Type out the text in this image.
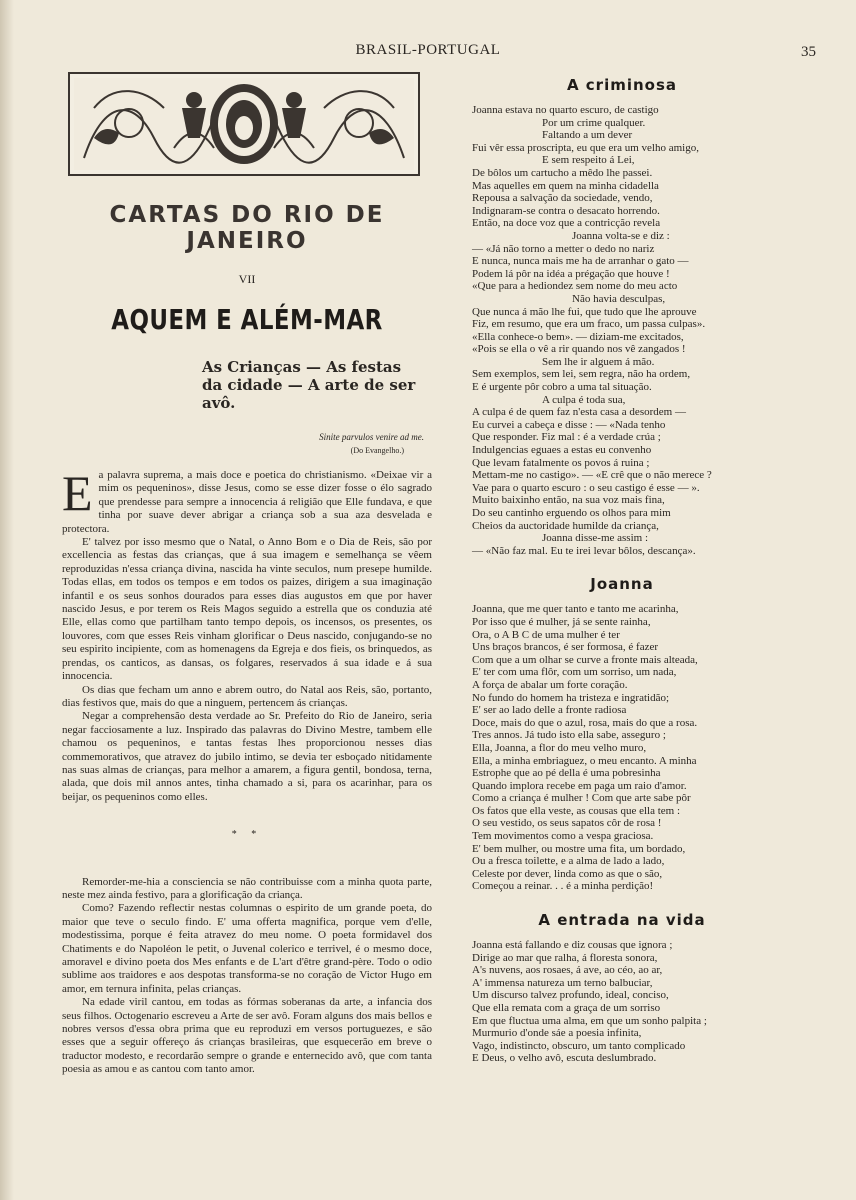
BRASIL-PORTUGAL	35
CARTAS DO RIO DE JANEIRO
VII
AQUEM E ALÉM-MAR
As Crianças — As festas da cidade — A arte de ser avô.
Sinite parvulos venire ad me.
(Do Evangelho.)
E a palavra suprema, a mais doce e poetica do christianismo. «Deixae vir a mim os pequeninos», disse Jesus, como se esse dizer fosse o élo sagrado que prendesse para sempre a innocencia á religião que Elle fundava, e que tinha por suave dever abrigar a criança sob a sua aza desvelada e protectora.

E' talvez por isso mesmo que o Natal, o Anno Bom e o Dia de Reis, são por excellencia as festas das crianças, que á sua imagem e semelhança se vêem reproduzidas n'essa criança divina, nascida ha vinte seculos, num presepe humilde. Todas ellas, em todos os tempos e em todos os paizes, dirigem a sua imaginação infantil e os seus sonhos dourados para esses dias augustos em que por haver nascido Jesus, e por terem os Reis Magos seguido a estrella que os conduzia até Elle, ellas como que partilham tanto tempo depois, os incensos, os presentes, os louvores, com que esses Reis vinham glorificar o Deus nascido, conjugando-se no seu espirito incipiente, com as homenagens da Egreja e dos fieis, os brinquedos, as prendas, os canticos, as dansas, os folgares, reservados á sua idade e á sua innocencia.

Os dias que fecham um anno e abrem outro, do Natal aos Reis, são, portanto, dias festivos que, mais do que a ninguem, pertencem ás crianças.

Negar a comprehensão desta verdade ao Sr. Prefeito do Rio de Janeiro, seria negar facciosamente a luz. Inspirado das palavras do Divino Mestre, tambem elle chamou os pequeninos, e tantas festas lhes proporcionou nesses dias commemorativos, que atravez do jubilo intimo, se devia ter esboçado nitidamente nas suas almas de crianças, para melhor a amarem, a figura gentil, bondosa, terna, alada, que dois mil annos antes, tinha chamado a si, para os acarinhar, para os beijar, os pequeninos como elles.

* *

Remorder-me-hia a consciencia se não contribuisse com a minha quota parte, neste mez ainda festivo, para a glorificação da criança.

Como? Fazendo reflectir nestas columnas o espirito de um grande poeta, do maior que teve o seculo findo. E' uma offerta magnifica, porque vem d'elle, modestissima, porque é feita atravez do meu nome. O poeta formidavel dos Chatiments e do Napoléon le petit, o Juvenal colerico e terrivel, é o mesmo doce, amoravel e divino poeta dos Mes enfants e de L'art d'être grand-père. Todo o odio sublime aos traidores e aos despotas transforma-se no coração de Victor Hugo em amor, em ternura infinita, pelas crianças.

Na edade viril cantou, em todas as fórmas soberanas da arte, a infancia dos seus filhos. Octogenario escreveu a Arte de ser avô. Foram alguns dos mais bellos e nobres versos d'essa obra prima que eu reproduzi em versos portuguezes, e são esses que a seguir offereço ás crianças brasileiras, que esquecerão em breve o traductor modesto, e recordarão sempre o grande e enternecido avô, que com tanta poesia as amou e as cantou com tanto amor.

A criminosa
Joanna estava no quarto escuro, de castigo
Por um crime qualquer.
Faltando a um dever
Fui vêr essa proscripta, eu que era um velho amigo,
E sem respeito á Lei,
De bôlos um cartucho a mêdo lhe passei.
Mas aquelles em quem na minha cidadella
Repousa a salvação da sociedade, vendo,
Indignaram-se contra o desacato horrendo.
Então, na doce voz que a contricção revela
Joanna volta-se e diz :
— «Já não torno a metter o dedo no nariz
E nunca, nunca mais me ha de arranhar o gato —
Podem lá pôr na idéa a prégação que houve !
«Que para a hediondez sem nome do meu acto
Não havia desculpas,
Que nunca á mão lhe fui, que tudo que lhe aprouve
Fiz, em resumo, que era um fraco, um passa culpas».
«Ella conhece-o bem». — diziam-me excitados,
«Pois se ella o vê a rir quando nos vê zangados !
Sem lhe ir alguem á mão.
Sem exemplos, sem lei, sem regra, não ha ordem,
E é urgente pôr cobro a uma tal situação.
A culpa é toda sua,
A culpa é de quem faz n'esta casa a desordem —
Eu curvei a cabeça e disse : — «Nada tenho
Que responder. Fiz mal : é a verdade crúa ;
Indulgencias eguaes a estas eu convenho
Que levam fatalmente os povos á ruina ;
Mettam-me no castigo». — «E crê que o não merece ?
Vae para o quarto escuro : o seu castigo é esse — ».
Muito baixinho então, na sua voz mais fina,
Do seu cantinho erguendo os olhos para mim
Cheios da auctoridade humilde da criança,
Joanna disse-me assim :
— «Não faz mal. Eu te irei levar bôlos, descança».
Joanna
Joanna, que me quer tanto e tanto me acarinha,
Por isso que é mulher, já se sente rainha,
Ora, o A B C de uma mulher é ter
Uns braços brancos, é ser formosa, é fazer
Com que a um olhar se curve a fronte mais alteada,
E' ter com uma flôr, com um sorriso, um nada,
A força de abalar um forte coração.
No fundo do homem ha tristeza e ingratidão;
E' ser ao lado delle a fronte radiosa
Doce, mais do que o azul, rosa, mais do que a rosa.
Tres annos. Já tudo isto ella sabe, asseguro ;
Ella, Joanna, a flor do meu velho muro,
Ella, a minha embriaguez, o meu encanto. A minha
Estrophe que ao pé della é uma pobresinha
Quando implora recebe em paga um raio d'amor.
Como a criança é mulher ! Com que arte sabe pôr
Os fatos que ella veste, as cousas que ella tem :
O seu vestido, os seus sapatos côr de rosa !
Tem movimentos como a vespa graciosa.
E' bem mulher, ou mostre uma fita, um bordado,
Ou a fresca toilette, e a alma de lado a lado,
Celeste por dever, linda como as que o são,
Começou a reinar. . . é a minha perdição!
A entrada na vida
Joanna está fallando e diz cousas que ignora ;
Dirige ao mar que ralha, á floresta sonora,
A's nuvens, aos rosaes, á ave, ao céo, ao ar,
A' immensa natureza um terno balbuciar,
Um discurso talvez profundo, ideal, conciso,
Que ella remata com a graça de um sorriso
Em que fluctua uma alma, em que um sonho palpita ;
Murmurio d'onde sáe a poesia infinita,
Vago, indistincto, obscuro, um tanto complicado
E Deus, o velho avô, escuta deslumbrado.
